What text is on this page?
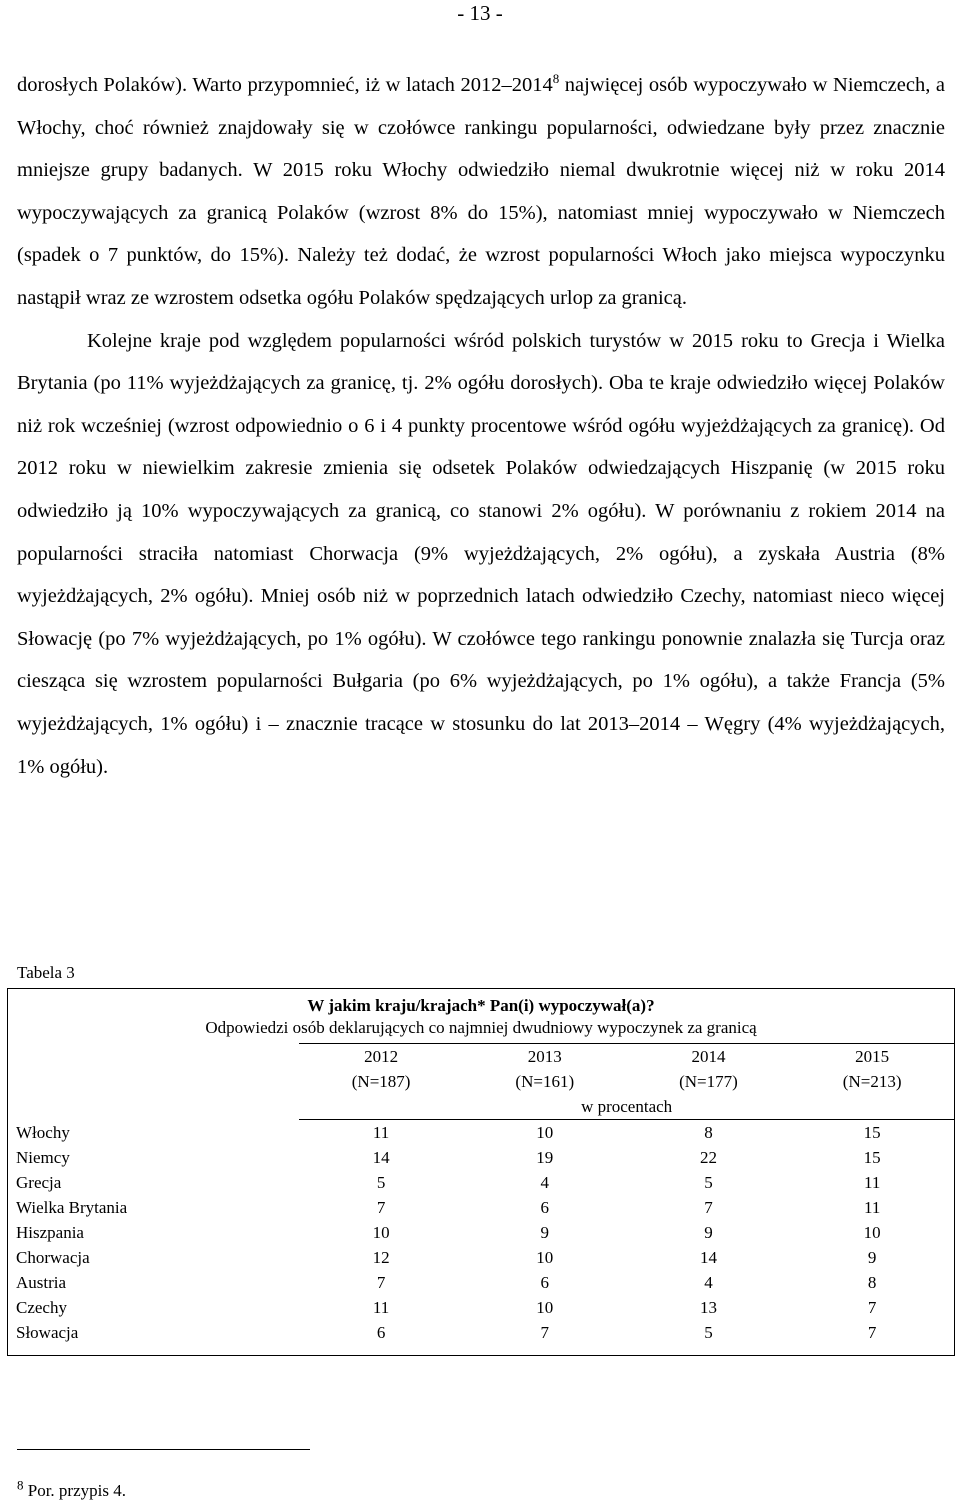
- 13 -

dorosłych Polaków). Warto przypomnieć, iż w latach 2012–2014$^8$ najwięcej osób wypoczywało w Niemczech, a Włochy, choć również znajdowały się w czołówce rankingu popularności, odwiedzane były przez znacznie mniejsze grupy badanych. W 2015 roku Włochy odwiedziło niemal dwukrotnie więcej niż w roku 2014 wypoczywających za granicą Polaków (wzrost 8% do 15%), natomiast mniej wypoczywało w Niemczech (spadek o 7 punktów, do 15%). Należy też dodać, że wzrost popularności Włoch jako miejsca wypoczynku nastąpił wraz ze wzrostem odsetka ogółu Polaków spędzających urlop za granicą.

Kolejne kraje pod względem popularności wśród polskich turystów w 2015 roku to Grecja i Wielka Brytania (po 11% wyjeżdżających za granicę, tj. 2% ogółu dorosłych). Oba te kraje odwiedziło więcej Polaków niż rok wcześniej (wzrost odpowiednio o 6 i 4 punkty procentowe wśród ogółu wyjeżdżających za granicę). Od 2012 roku w niewielkim zakresie zmienia się odsetek Polaków odwiedzających Hiszpanię (w 2015 roku odwiedziło ją 10% wypoczywających za granicą, co stanowi 2% ogółu). W porównaniu z rokiem 2014 na popularności straciła natomiast Chorwacja (9% wyjeżdżających, 2% ogółu), a zyskała Austria (8% wyjeżdżających, 2% ogółu). Mniej osób niż w poprzednich latach odwiedziło Czechy, natomiast nieco więcej Słowację (po 7% wyjeżdżających, po 1% ogółu). W czołówce tego rankingu ponownie znalazła się Turcja oraz ciesząca się wzrostem popularności Bułgaria (po 6% wyjeżdżających, po 1% ogółu), a także Francja (5% wyjeżdżających, 1% ogółu) i – znacznie tracące w stosunku do lat 2013–2014 – Węgry (4% wyjeżdżających, 1% ogółu).

Tabela 3
W jakim kraju/krajach* Pan(i) wypoczywał(a)?				
Odpowiedzi osób deklarujących co najmniej dwudniowy wypoczynek za granicą				
	2012	2013	2014	2015
	(N=187)	(N=161)	(N=177)	(N=213)
	w procentach			
Włochy	11	10	8	15
Niemcy	14	19	22	15
Grecja	5	4	5	11
Wielka Brytania	7	6	7	11
Hiszpania	10	9	9	10
Chorwacja	12	10	14	9
Austria	7	6	4	8
Czechy	11	10	13	7
Słowacja	6	7	5	7
$^8$ Por. przypis 4.
